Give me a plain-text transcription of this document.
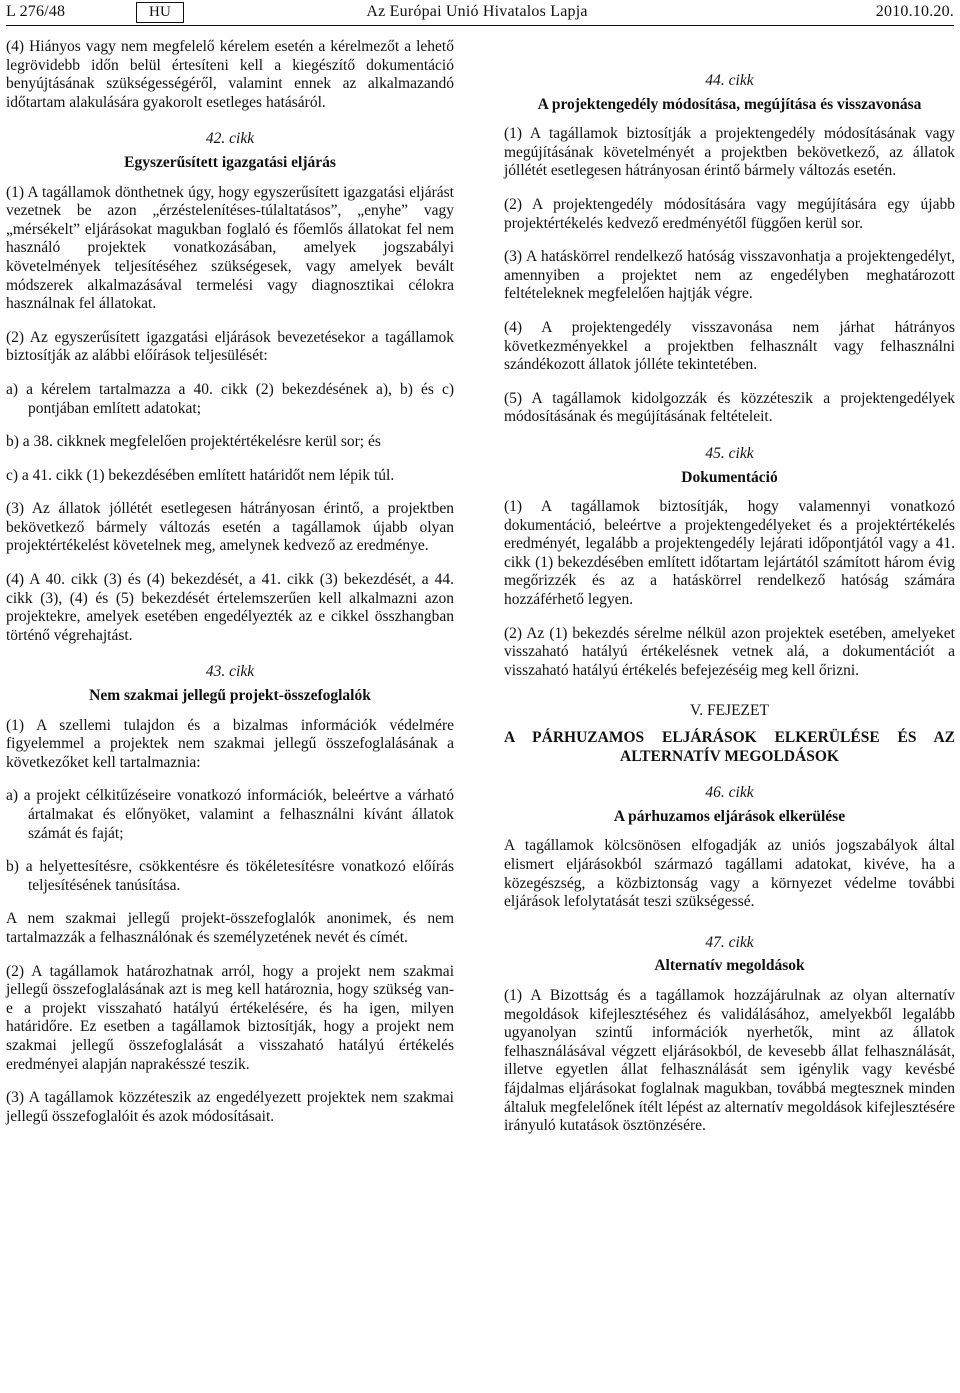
L 276/48	HU	Az Európai Unió Hivatalos Lapja	2010.10.20.

(4) Hiányos vagy nem megfelelő kérelem esetén a kérelmezőt a lehető legrövidebb időn belül értesíteni kell a kiegészítő dokumentáció benyújtásának szükségességéről, valamint ennek az alkalmazandó időtartam alakulására gyakorolt esetleges hatásáról.

42. cikk
Egyszerűsített igazgatási eljárás

(1) A tagállamok dönthetnek úgy, hogy egyszerűsített igazgatási eljárást vezetnek be azon „érzéstelenítéses-túlaltatásos”, „enyhe” vagy „mérsékelt” eljárásokat magukban foglaló és főemlős állatokat fel nem használó projektek vonatkozásában, amelyek jogszabályi követelmények teljesítéséhez szükségesek, vagy amelyek bevált módszerek alkalmazásával termelési vagy diagnosztikai célokra használnak fel állatokat.

(2) Az egyszerűsített igazgatási eljárások bevezetésekor a tagállamok biztosítják az alábbi előírások teljesülését:

a) a kérelem tartalmazza a 40. cikk (2) bekezdésének a), b) és c) pontjában említett adatokat;

b) a 38. cikknek megfelelően projektértékelésre kerül sor; és

c) a 41. cikk (1) bekezdésében említett határidőt nem lépik túl.

(3) Az állatok jóllétét esetlegesen hátrányosan érintő, a projektben bekövetkező bármely változás esetén a tagállamok újabb olyan projektértékelést követelnek meg, amelynek kedvező az eredménye.

(4) A 40. cikk (3) és (4) bekezdését, a 41. cikk (3) bekezdését, a 44. cikk (3), (4) és (5) bekezdését értelemszerűen kell alkalmazni azon projektekre, amelyek esetében engedélyezték az e cikkel összhangban történő végrehajtást.

43. cikk
Nem szakmai jellegű projekt-összefoglalók

(1) A szellemi tulajdon és a bizalmas információk védelmére figyelemmel a projektek nem szakmai jellegű összefoglalásának a következőket kell tartalmaznia:

a) a projekt célkitűzéseire vonatkozó információk, beleértve a várható ártalmakat és előnyöket, valamint a felhasználni kívánt állatok számát és faját;

b) a helyettesítésre, csökkentésre és tökéletesítésre vonatkozó előírás teljesítésének tanúsítása.

A nem szakmai jellegű projekt-összefoglalók anonimek, és nem tartalmazzák a felhasználónak és személyzetének nevét és címét.

(2) A tagállamok határozhatnak arról, hogy a projekt nem szakmai jellegű összefoglalásának azt is meg kell határoznia, hogy szükség van-e a projekt visszaható hatályú értékelésére, és ha igen, milyen határidőre. Ez esetben a tagállamok biztosítják, hogy a projekt nem szakmai jellegű összefoglalását a visszaható hatályú értékelés eredményei alapján naprakésszé teszik.

(3) A tagállamok közzéteszik az engedélyezett projektek nem szakmai jellegű összefoglalóit és azok módosításait.

44. cikk
A projektengedély módosítása, megújítása és visszavonása

(1) A tagállamok biztosítják a projektengedély módosításának vagy megújításának követelményét a projektben bekövetkező, az állatok jóllétét esetlegesen hátrányosan érintő bármely változás esetén.

(2) A projektengedély módosítására vagy megújítására egy újabb projektértékelés kedvező eredményétől függően kerül sor.

(3) A hatáskörrel rendelkező hatóság visszavonhatja a projektengedélyt, amennyiben a projektet nem az engedélyben meghatározott feltételeknek megfelelően hajtják végre.

(4) A projektengedély visszavonása nem járhat hátrányos következményekkel a projektben felhasznált vagy felhasználni szándékozott állatok jólléte tekintetében.

(5) A tagállamok kidolgozzák és közzéteszik a projektengedélyek módosításának és megújításának feltételeit.

45. cikk
Dokumentáció

(1) A tagállamok biztosítják, hogy valamennyi vonatkozó dokumentáció, beleértve a projektengedélyeket és a projektértékelés eredményét, legalább a projektengedély lejárati időpontjától vagy a 41. cikk (1) bekezdésében említett időtartam lejártától számított három évig megőrizzék és az a hatáskörrel rendelkező hatóság számára hozzáférhető legyen.

(2) Az (1) bekezdés sérelme nélkül azon projektek esetében, amelyeket visszaható hatályú értékelésnek vetnek alá, a dokumentációt a visszaható hatályú értékelés befejezéséig meg kell őrizni.

V. FEJEZET
A PÁRHUZAMOS ELJÁRÁSOK ELKERÜLÉSE ÉS AZ
ALTERNATÍV MEGOLDÁSOK
46. cikk
A párhuzamos eljárások elkerülése

A tagállamok kölcsönösen elfogadják az uniós jogszabályok által elismert eljárásokból származó tagállami adatokat, kivéve, ha a közegészség, a közbiztonság vagy a környezet védelme további eljárások lefolytatását teszi szükségessé.

47. cikk
Alternatív megoldások

(1) A Bizottság és a tagállamok hozzájárulnak az olyan alternatív megoldások kifejlesztéséhez és validálásához, amelyekből legalább ugyanolyan szintű információk nyerhetők, mint az állatok felhasználásával végzett eljárásokból, de kevesebb állat felhasználását, illetve egyetlen állat felhasználását sem igénylik vagy kevésbé fájdalmas eljárásokat foglalnak magukban, továbbá megtesznek minden általuk megfelelőnek ítélt lépést az alternatív megoldások kifejlesztésére irányuló kutatások ösztönzésére.
